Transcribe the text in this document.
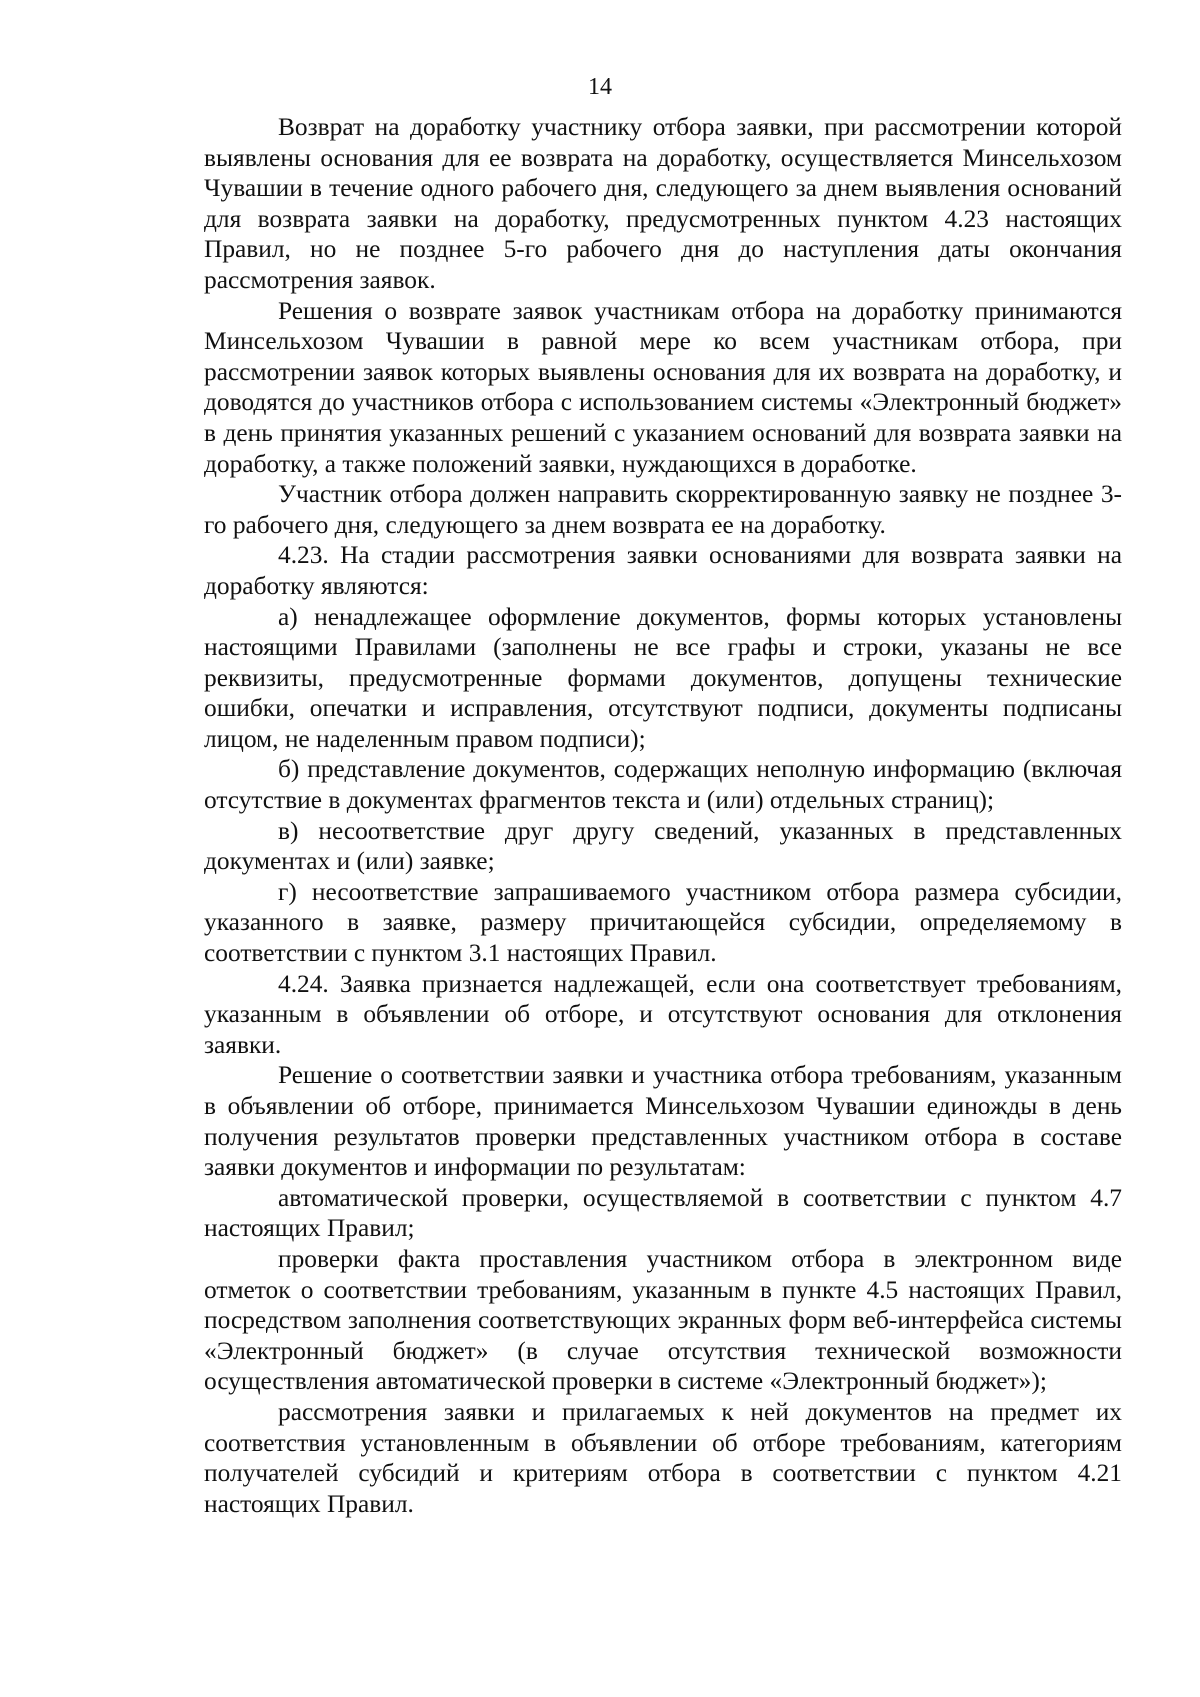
14

Возврат на доработку участнику отбора заявки, при рассмотрении которой выявлены основания для ее возврата на доработку, осуществляется Минсельхозом Чувашии в течение одного рабочего дня, следующего за днем выявления оснований для возврата заявки на доработку, предусмотренных пунктом 4.23 настоящих Правил, но не позднее 5-го рабочего дня до наступления даты окончания рассмотрения заявок.

Решения о возврате заявок участникам отбора на доработку принимаются Минсельхозом Чувашии в равной мере ко всем участникам отбора, при рассмотрении заявок которых выявлены основания для их возврата на доработку, и доводятся до участников отбора с использованием системы «Электронный бюджет» в день принятия указанных решений с указанием оснований для возврата заявки на доработку, а также положений заявки, нуждающихся в доработке.

Участник отбора должен направить скорректированную заявку не позднее 3-го рабочего дня, следующего за днем возврата ее на доработку.

4.23. На стадии рассмотрения заявки основаниями для возврата заявки на доработку являются:

а) ненадлежащее оформление документов, формы которых установлены настоящими Правилами (заполнены не все графы и строки, указаны не все реквизиты, предусмотренные формами документов, допущены технические ошибки, опечатки и исправления, отсутствуют подписи, документы подписаны лицом, не наделенным правом подписи);

б) представление документов, содержащих неполную информацию (включая отсутствие в документах фрагментов текста и (или) отдельных страниц);

в) несоответствие друг другу сведений, указанных в представленных документах и (или) заявке;

г) несоответствие запрашиваемого участником отбора размера субсидии, указанного в заявке, размеру причитающейся субсидии, определяемому в соответствии с пунктом 3.1 настоящих Правил.

4.24. Заявка признается надлежащей, если она соответствует требованиям, указанным в объявлении об отборе, и отсутствуют основания для отклонения заявки.

Решение о соответствии заявки и участника отбора требованиям, указанным в объявлении об отборе, принимается Минсельхозом Чувашии единожды в день получения результатов проверки представленных участником отбора в составе заявки документов и информации по результатам:

автоматической проверки, осуществляемой в соответствии с пунктом 4.7 настоящих Правил;

проверки факта проставления участником отбора в электронном виде отметок о соответствии требованиям, указанным в пункте 4.5 настоящих Правил, посредством заполнения соответствующих экранных форм веб-интерфейса системы «Электронный бюджет» (в случае отсутствия технической возможности осуществления автоматической проверки в системе «Электронный бюджет»);

рассмотрения заявки и прилагаемых к ней документов на предмет их соответствия установленным в объявлении об отборе требованиям, категориям получателей субсидий и критериям отбора в соответствии с пунктом 4.21 настоящих Правил.
